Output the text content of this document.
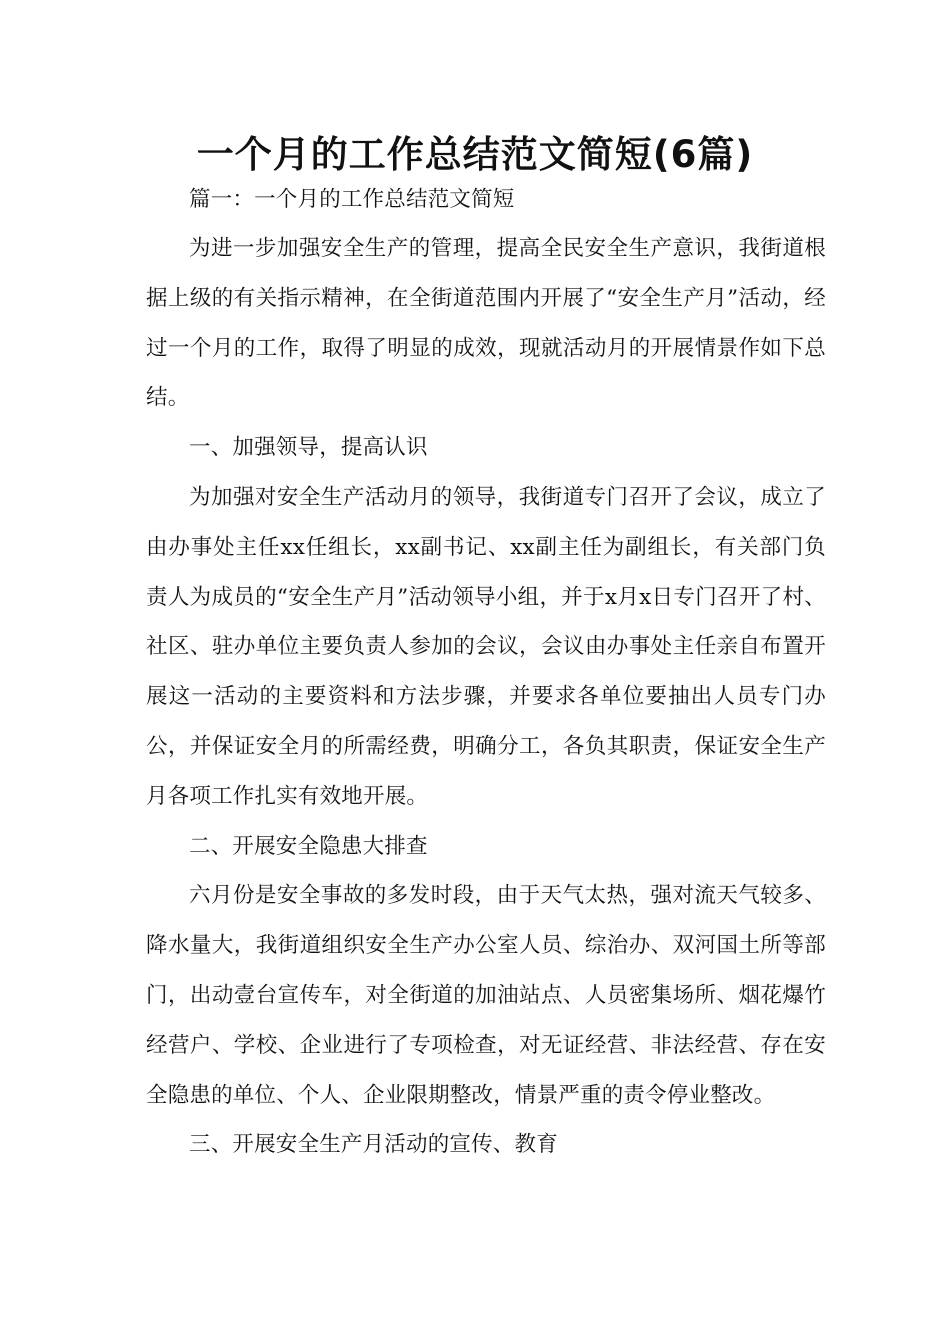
一个月的工作总结范文简短(6篇)

篇一：一个月的工作总结范文简短

为进一步加强安全生产的管理，提高全民安全生产意识，我街道根据上级的有关指示精神，在全街道范围内开展了“安全生产月”活动，经过一个月的工作，取得了明显的成效，现就活动月的开展情景作如下总结。

一、加强领导，提高认识

为加强对安全生产活动月的领导，我街道专门召开了会议，成立了由办事处主任xx任组长，xx副书记、xx副主任为副组长，有关部门负责人为成员的“安全生产月”活动领导小组，并于x月x日专门召开了村、社区、驻办单位主要负责人参加的会议，会议由办事处主任亲自布置开展这一活动的主要资料和方法步骤，并要求各单位要抽出人员专门办公，并保证安全月的所需经费，明确分工，各负其职责，保证安全生产月各项工作扎实有效地开展。

二、开展安全隐患大排查

六月份是安全事故的多发时段，由于天气太热，强对流天气较多、降水量大，我街道组织安全生产办公室人员、综治办、双河国土所等部门，出动壹台宣传车，对全街道的加油站点、人员密集场所、烟花爆竹经营户、学校、企业进行了专项检查，对无证经营、非法经营、存在安全隐患的单位、个人、企业限期整改，情景严重的责令停业整改。

三、开展安全生产月活动的宣传、教育
